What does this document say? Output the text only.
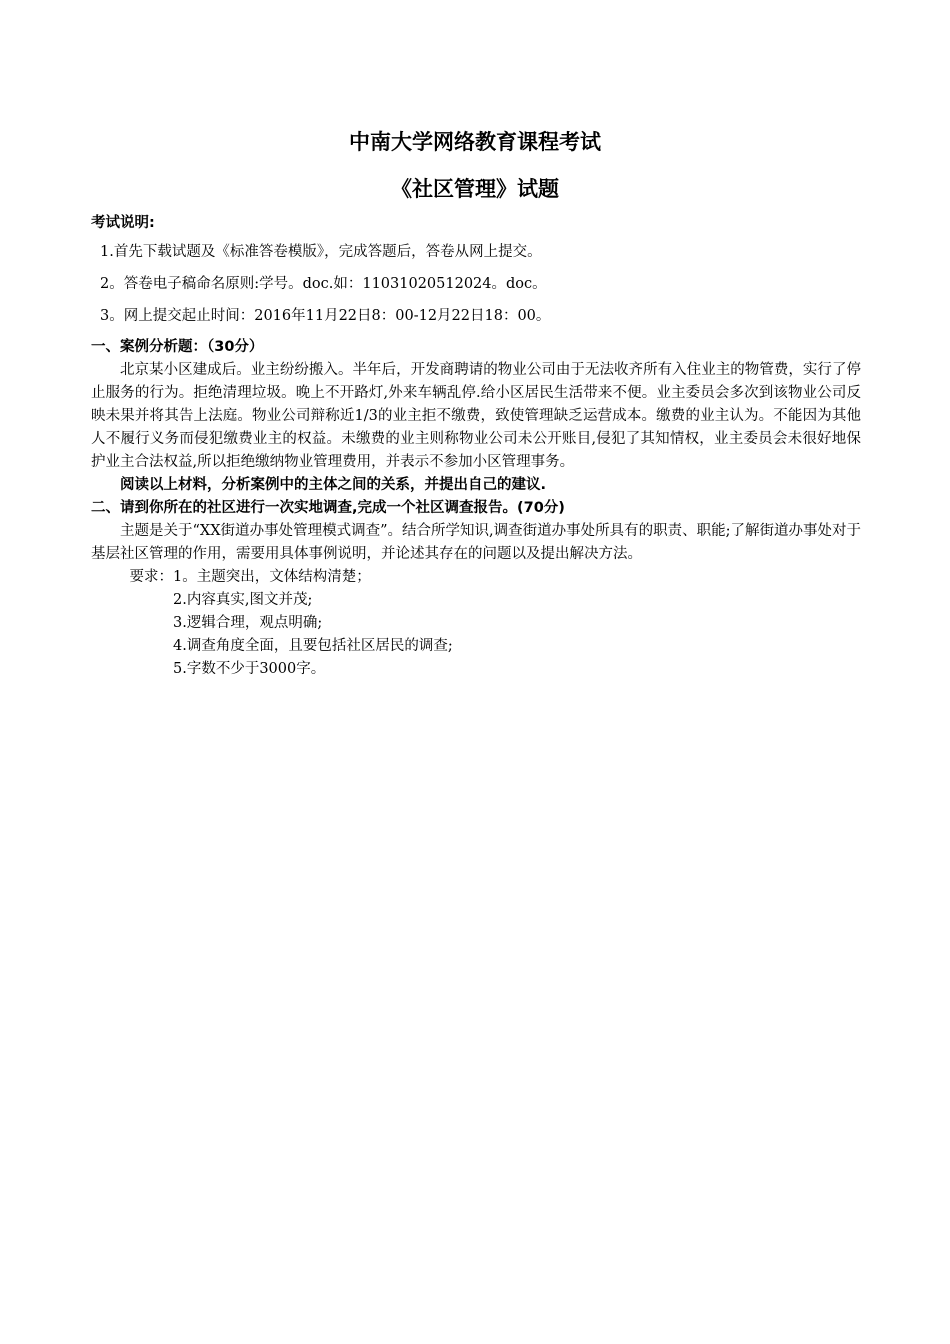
中南大学网络教育课程考试
《社区管理》试题
考试说明:
1.首先下载试题及《标准答卷模版》，完成答题后，答卷从网上提交。
2。答卷电子稿命名原则:学号。doc.如：11031020512024。doc。
3。网上提交起止时间：2016年11月22日8：00-12月22日18：00。
一、案例分析题：（30分）
北京某小区建成后。业主纷纷搬入。半年后，开发商聘请的物业公司由于无法收齐所有入住业主的物管费，实行了停止服务的行为。拒绝清理垃圾。晚上不开路灯,外来车辆乱停.给小区居民生活带来不便。业主委员会多次到该物业公司反映未果并将其告上法庭。物业公司辩称近1/3的业主拒不缴费，致使管理缺乏运营成本。缴费的业主认为。不能因为其他人不履行义务而侵犯缴费业主的权益。未缴费的业主则称物业公司未公开账目,侵犯了其知情权，业主委员会未很好地保护业主合法权益,所以拒绝缴纳物业管理费用，并表示不参加小区管理事务。
阅读以上材料，分析案例中的主体之间的关系，并提出自己的建议.
二、请到你所在的社区进行一次实地调查,完成一个社区调查报告。(70分)
主题是关于“XX街道办事处管理模式调查”。结合所学知识,调查街道办事处所具有的职责、职能;了解街道办事处对于基层社区管理的作用，需要用具体事例说明，并论述其存在的问题以及提出解决方法。
要求： 1。主题突出，文体结构清楚；
2.内容真实,图文并茂;
3.逻辑合理，观点明确;
4.调查角度全面，且要包括社区居民的调查;
5.字数不少于3000字。
